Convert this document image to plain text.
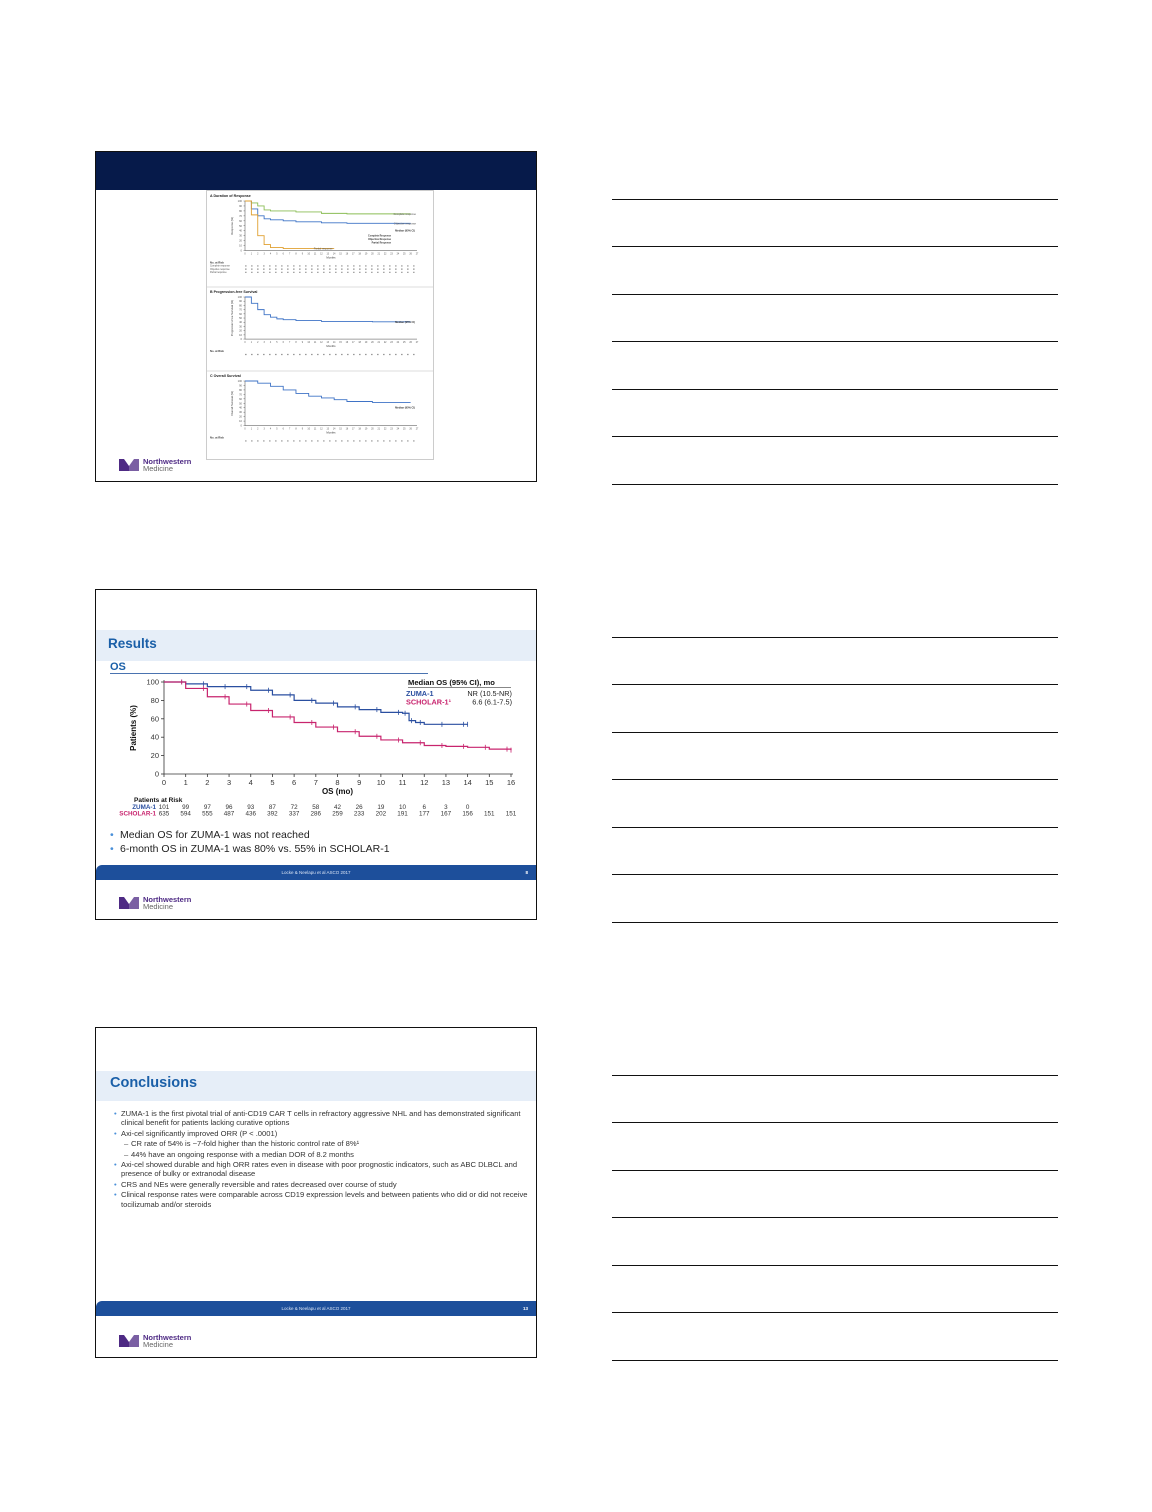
A Duration of Response
0
10
20
30
40
50
60
70
80
90
100
0	1	2	3	4	5	6	7	8	9	10	11	12	13	14	15	16	17	18	19	20	21	22	23	24	25	26	27
Months
Response (%)
Complete response
Objective response
Partial response
Median (95% CI)
Complete Response
Objective Response
Partial Response
No. at Risk
Complete response
Objective response
Partial response
B Progression-free Survival
0
10
20
30
40
50
60
70
80
90
100
0	1	2	3	4	5	6	7	8	9	10	11	12	13	14	15	16	17	18	19	20	21	22	23	24	25	26	27
Months
Progression-free Survival (%)	Median (95% CI)
No. at Risk
C Overall Survival
0
10
20
30
40
50
60
70
80
90
100
0	1	2	3	4	5	6	7	8	9	10	11	12	13	14	15	16	17	18	19	20	21	22	23	24	25	26	27
Months
Overall Survival (%)	Median (95% CI)
No. at Risk
Northwestern
Medicine
Results
OS
0
20
40
60
80
100
0 1 2 3 4 5 6 7 8 9 10 11 12 13 14 15 16
OS (mo)
Patients (%)
Median OS (95% CI), mo
ZUMA-1	NR (10.5-NR)
SCHOLAR-1¹	6.6 (6.1-7.5)
Patients at Risk
ZUMA-1 101 99 97 96 93 87 72 58 42 26 19 10	6	3	0
SCHOLAR-1 635 594 555 487 436 392 337 286 259 233 202 191 177 167 156 151 151
• Median OS for ZUMA-1 was not reached
• 6-month OS in ZUMA-1 was 80% vs. 55% in SCHOLAR-1
Locke & Neelapu et al ASCO 2017	8
Northwestern
Medicine
Conclusions
• ZUMA-1 is the first pivotal trial of anti-CD19 CAR T cells in refractory aggressive NHL and has demonstrated significant clinical benefit for patients lacking curative options
• Axi-cel significantly improved ORR (P < .0001)
– CR rate of 54% is ~7-fold higher than the historic control rate of 8%¹
– 44% have an ongoing response with a median DOR of 8.2 months
• Axi-cel showed durable and high ORR rates even in disease with poor prognostic indicators, such as ABC DLBCL and presence of bulky or extranodal disease
• CRS and NEs were generally reversible and rates decreased over course of study
• Clinical response rates were comparable across CD19 expression levels and between patients who did or did not receive tocilizumab and/or steroids
Locke & Neelapu et al ASCO 2017	13
Northwestern
Medicine
